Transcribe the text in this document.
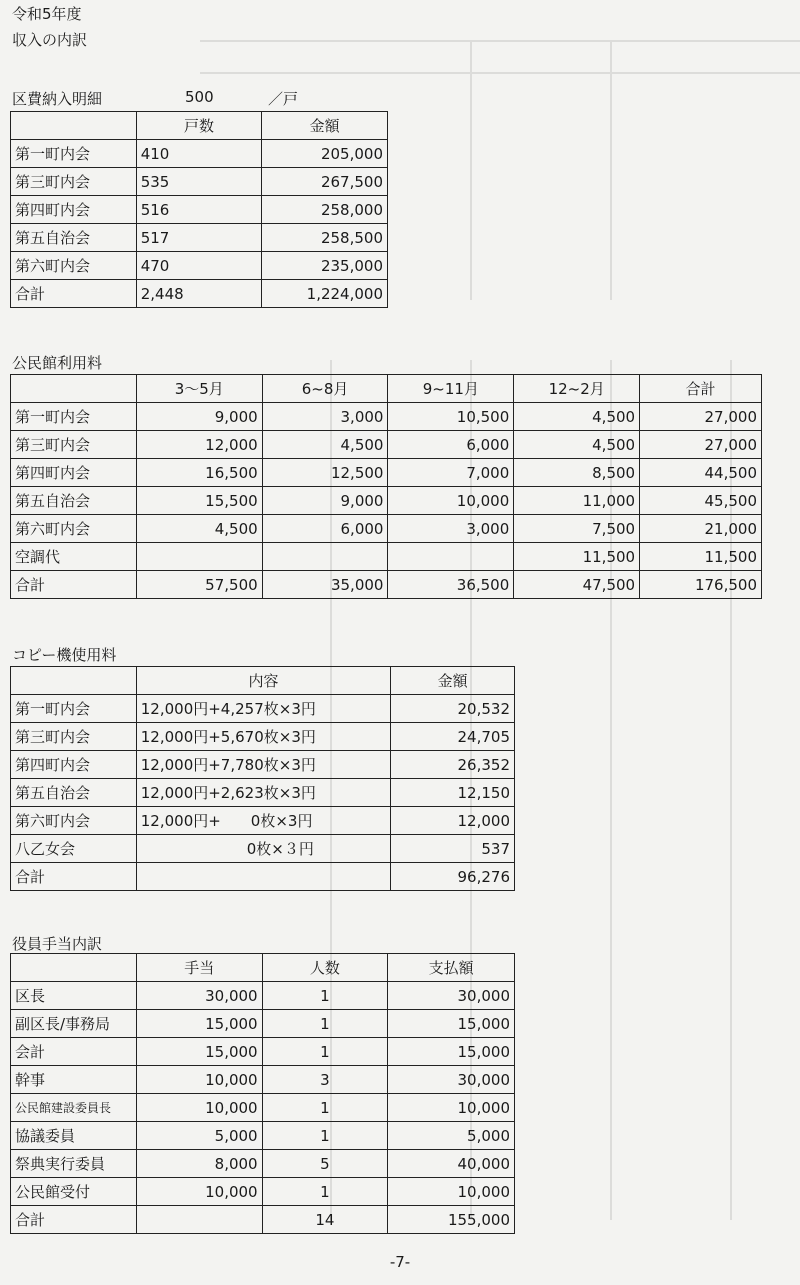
令和5年度
収入の内訳
区費納入明細	500	／戸
	戸数	金額
第一町内会	410	205,000
第三町内会	535	267,500
第四町内会	516	258,000
第五自治会	517	258,500
第六町内会	470	235,000
合計	2,448	1,224,000
公民館利用料
	3～5月	6~8月	9~11月	12~2月	合計
第一町内会	9,000	3,000	10,500	4,500	27,000
第三町内会	12,000	4,500	6,000	4,500	27,000
第四町内会	16,500	12,500	7,000	8,500	44,500
第五自治会	15,500	9,000	10,000	11,000	45,500
第六町内会	4,500	6,000	3,000	7,500	21,000
空調代				11,500	11,500
合計	57,500	35,000	36,500	47,500	176,500
コピー機使用料
	内容	金額
第一町内会	12,000円+4,257枚×3円	20,532
第三町内会	12,000円+5,670枚×3円	24,705
第四町内会	12,000円+7,780枚×3円	26,352
第五自治会	12,000円+2,623枚×3円	12,150
第六町内会	12,000円+　　0枚×3円	12,000
八乙女会	0枚×３円	537
合計		96,276
役員手当内訳
	手当	人数	支払額
区長	30,000	1	30,000
副区長/事務局	15,000	1	15,000
会計	15,000	1	15,000
幹事	10,000	3	30,000
公民館建設委員長	10,000	1	10,000
協議委員	5,000	1	5,000
祭典実行委員	8,000	5	40,000
公民館受付	10,000	1	10,000
合計		14	155,000
-7-
